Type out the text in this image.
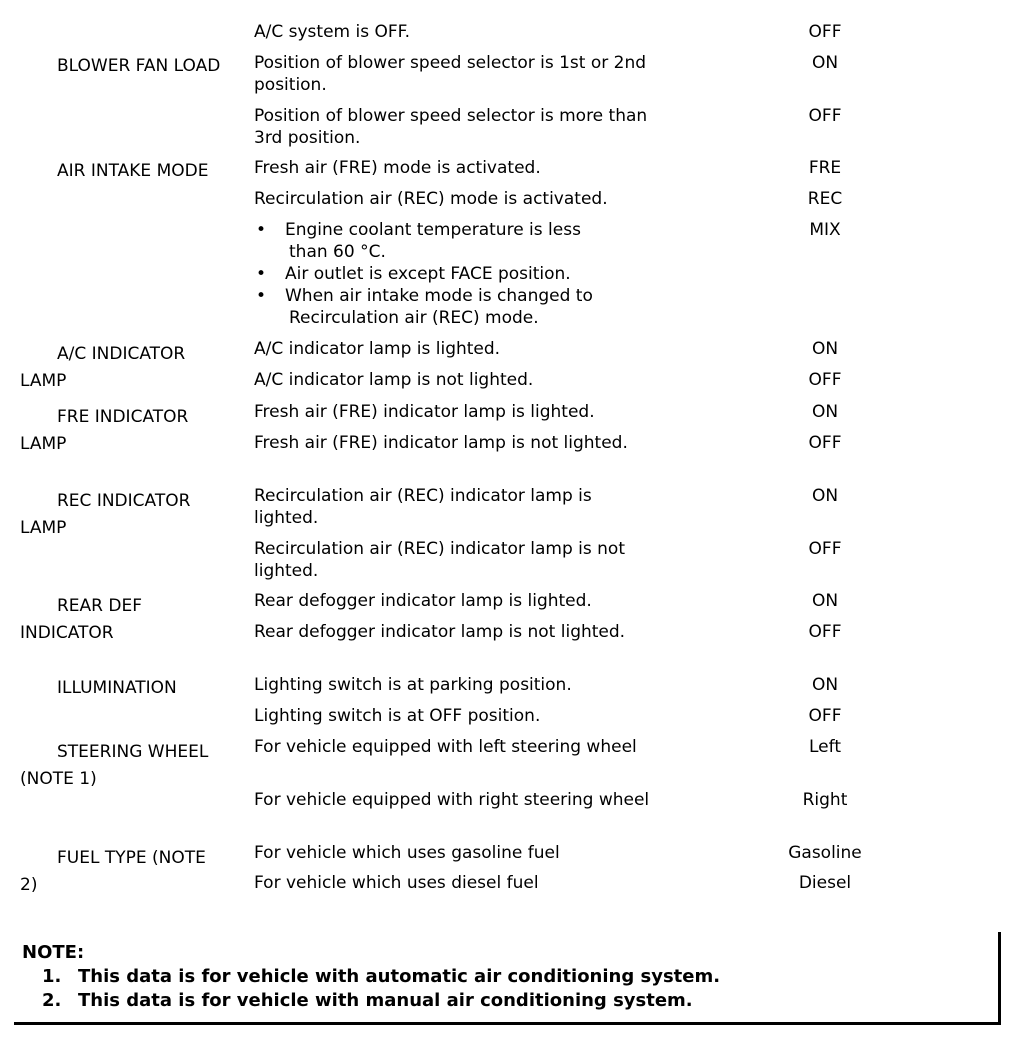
BLOWER FAN LOAD
AIR INTAKE MODE
A/C INDICATOR
LAMP
FRE INDICATOR
LAMP
REC INDICATOR
LAMP
REAR DEF
INDICATOR
ILLUMINATION
STEERING WHEEL
(NOTE 1)
FUEL TYPE (NOTE
2)
A/C system is OFF.
Position of blower speed selector is 1st or 2nd position.
Position of blower speed selector is more than 3rd position.
Fresh air (FRE) mode is activated.
Recirculation air (REC) mode is activated.
• Engine coolant temperature is less
than 60 °C.
• Air outlet is except FACE position.
• When air intake mode is changed to
Recirculation air (REC) mode.
A/C indicator lamp is lighted.
A/C indicator lamp is not lighted.
Fresh air (FRE) indicator lamp is lighted.
Fresh air (FRE) indicator lamp is not lighted.
Recirculation air (REC) indicator lamp is lighted.
Recirculation air (REC) indicator lamp is not lighted.
Rear defogger indicator lamp is lighted.
Rear defogger indicator lamp is not lighted.
Lighting switch is at parking position.
Lighting switch is at OFF position.
For vehicle equipped with left steering wheel
For vehicle equipped with right steering wheel
For vehicle which uses gasoline fuel
For vehicle which uses diesel fuel
OFF
ON
OFF
FRE
REC
MIX
ON
OFF
ON
OFF
ON
OFF
ON
OFF
ON
OFF
Left
Right
Gasoline
Diesel
NOTE:
1. This data is for vehicle with automatic air conditioning system.
2. This data is for vehicle with manual air conditioning system.
